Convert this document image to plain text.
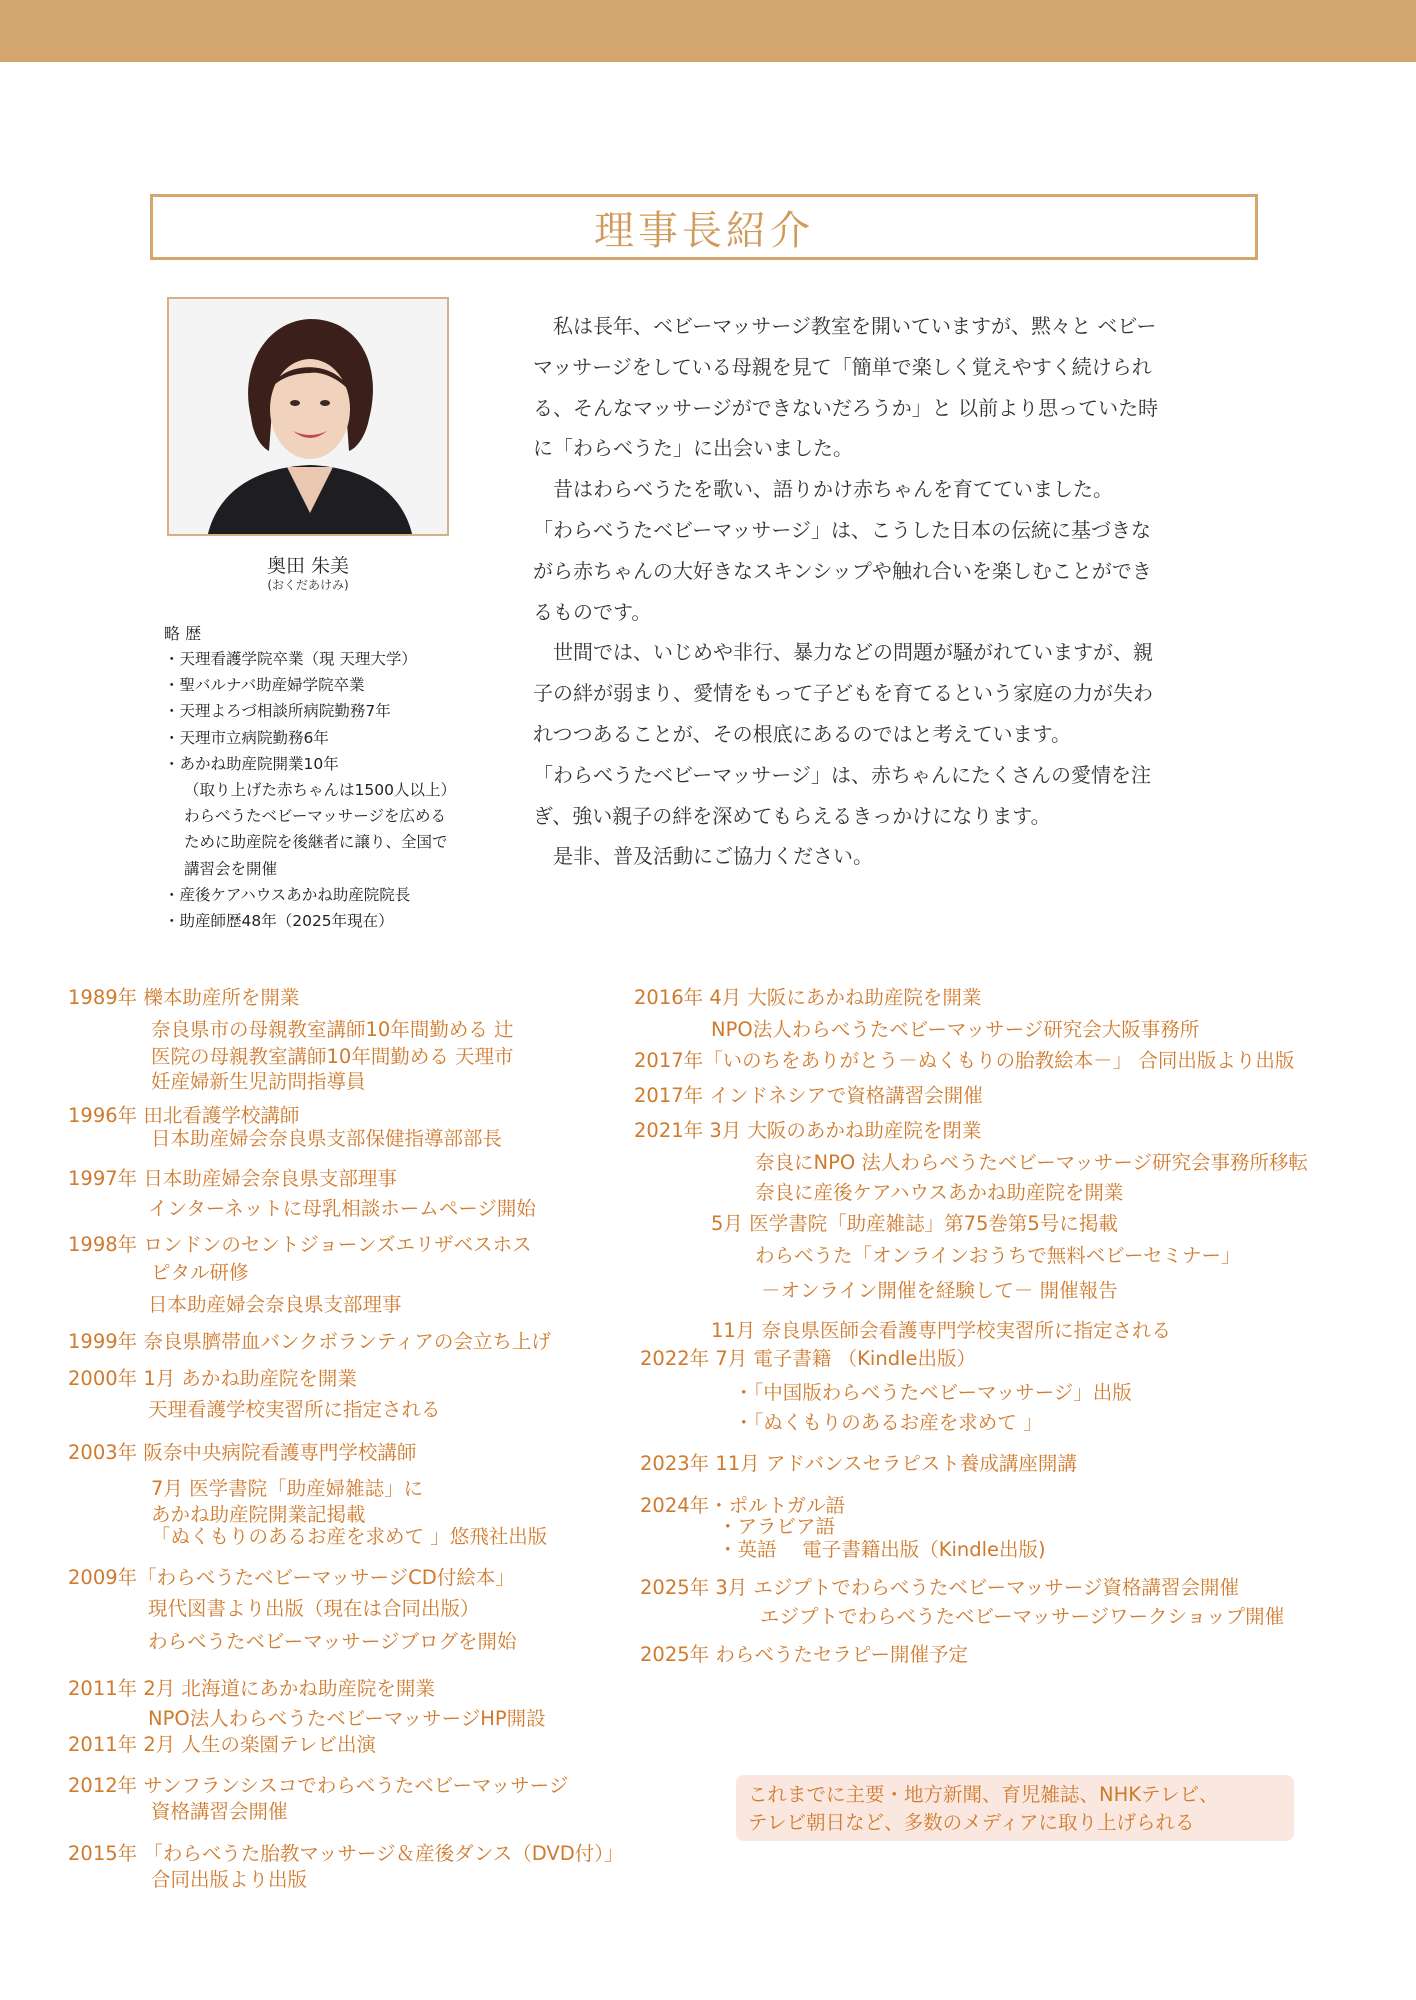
理事長紹介
奥田 朱美
(おくだあけみ)
略 歴
・天理看護学院卒業（現 天理大学）
・聖バルナバ助産婦学院卒業
・天理よろづ相談所病院勤務7年
・天理市立病院勤務6年
・あかね助産院開業10年
（取り上げた赤ちゃんは1500人以上）
わらべうたベビーマッサージを広める
ために助産院を後継者に譲り、全国で
講習会を開催
・産後ケアハウスあかね助産院院長
・助産師歴48年（2025年現在）

　私は長年、ベビーマッサージ教室を開いていますが、黙々と ベビー

マッサージをしている母親を見て「簡単で楽しく覚えやすく続けられ

る、そんなマッサージができないだろうか」と 以前より思っていた時

に「わらべうた」に出会いました。

　昔はわらべうたを歌い、語りかけ赤ちゃんを育てていました。

「わらべうたベビーマッサージ」は、こうした日本の伝統に基づきな

がら赤ちゃんの大好きなスキンシップや触れ合いを楽しむことができ

るものです。

　世間では、いじめや非行、暴力などの問題が騒がれていますが、親

子の絆が弱まり、愛情をもって子どもを育てるという家庭の力が失わ

れつつあることが、その根底にあるのではと考えています。

「わらべうたベビーマッサージ」は、赤ちゃんにたくさんの愛情を注

ぎ、強い親子の絆を深めてもらえるきっかけになります。

　是非、普及活動にご協力ください。

1989年 櫟本助産所を開業
奈良県市の母親教室講師10年間勤める 辻
医院の母親教室講師10年間勤める 天理市
妊産婦新生児訪問指導員
1996年 田北看護学校講師
日本助産婦会奈良県支部保健指導部部長
1997年 日本助産婦会奈良県支部理事
インターネットに母乳相談ホームページ開始
1998年 ロンドンのセントジョーンズエリザベスホス
ピタル研修
日本助産婦会奈良県支部理事
1999年 奈良県臍帯血バンクボランティアの会立ち上げ
2000年 1月 あかね助産院を開業
天理看護学校実習所に指定される
2003年 阪奈中央病院看護専門学校講師
7月 医学書院「助産婦雑誌」に
あかね助産院開業記掲載
「ぬくもりのあるお産を求めて 」悠飛社出版
2009年「わらべうたベビーマッサージCD付絵本」
現代図書より出版（現在は合同出版）
わらべうたベビーマッサージブログを開始
2011年 2月 北海道にあかね助産院を開業
NPO法人わらべうたベビーマッサージHP開設
2011年 2月 人生の楽園テレビ出演
2012年 サンフランシスコでわらべうたベビーマッサージ
資格講習会開催
2015年 「わらべうた胎教マッサージ＆産後ダンス（DVD付）」
合同出版より出版
2016年 4月 大阪にあかね助産院を開業
NPO法人わらべうたベビーマッサージ研究会大阪事務所
2017年「いのちをありがとう－ぬくもりの胎教絵本－」 合同出版より出版
2017年 インドネシアで資格講習会開催
2021年 3月 大阪のあかね助産院を閉業
奈良にNPO 法人わらべうたベビーマッサージ研究会事務所移転
奈良に産後ケアハウスあかね助産院を開業
5月 医学書院「助産雑誌」第75巻第5号に掲載
わらべうた「オンラインおうちで無料ベビーセミナー」
－オンライン開催を経験して－ 開催報告
11月 奈良県医師会看護専門学校実習所に指定される
2022年 7月 電子書籍 （Kindle出版）
・「中国版わらべうたベビーマッサージ」出版
・「ぬくもりのあるお産を求めて 」
2023年 11月 アドバンスセラピスト養成講座開講
2024年・ポルトガル語
・アラビア語
・英語　 電子書籍出版（Kindle出版)
2025年 3月 エジプトでわらべうたベビーマッサージ資格講習会開催
エジプトでわらべうたベビーマッサージワークショップ開催
2025年 わらべうたセラピー開催予定

これまでに主要・地方新聞、育児雑誌、NHKテレビ、

テレビ朝日など、多数のメディアに取り上げられる
